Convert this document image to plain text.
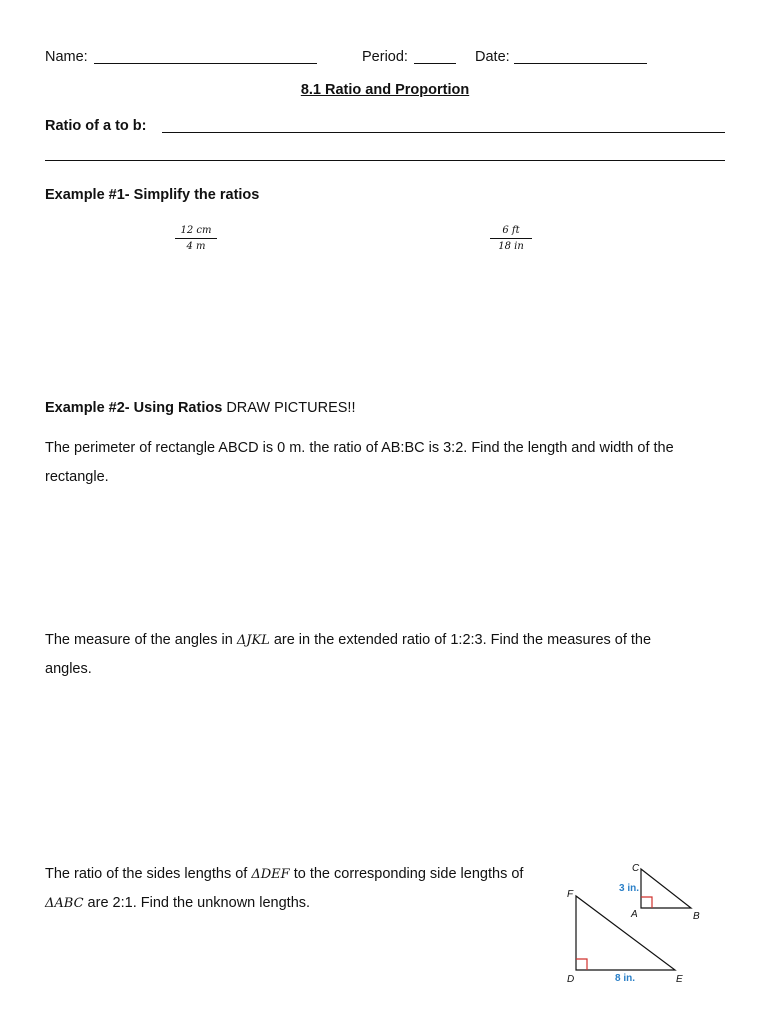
Name:	Period:	Date:
8.1 Ratio and Proportion
Ratio of a to b:
Example #1- Simplify the ratios
12 cm
4 m
6 ft
18 in
Example #2- Using Ratios DRAW PICTURES!!
The perimeter of rectangle ABCD is 0 m. the ratio of AB:BC is 3:2. Find the length and width of the
rectangle.
The measure of the angles in ΔJKL are in the extended ratio of 1:2:3. Find the measures of the
angles.
The ratio of the sides lengths of ΔDEF to the corresponding side lengths of
ΔABC are 2:1. Find the unknown lengths.
C
A	B
3 in.
F
D	E
8 in.
